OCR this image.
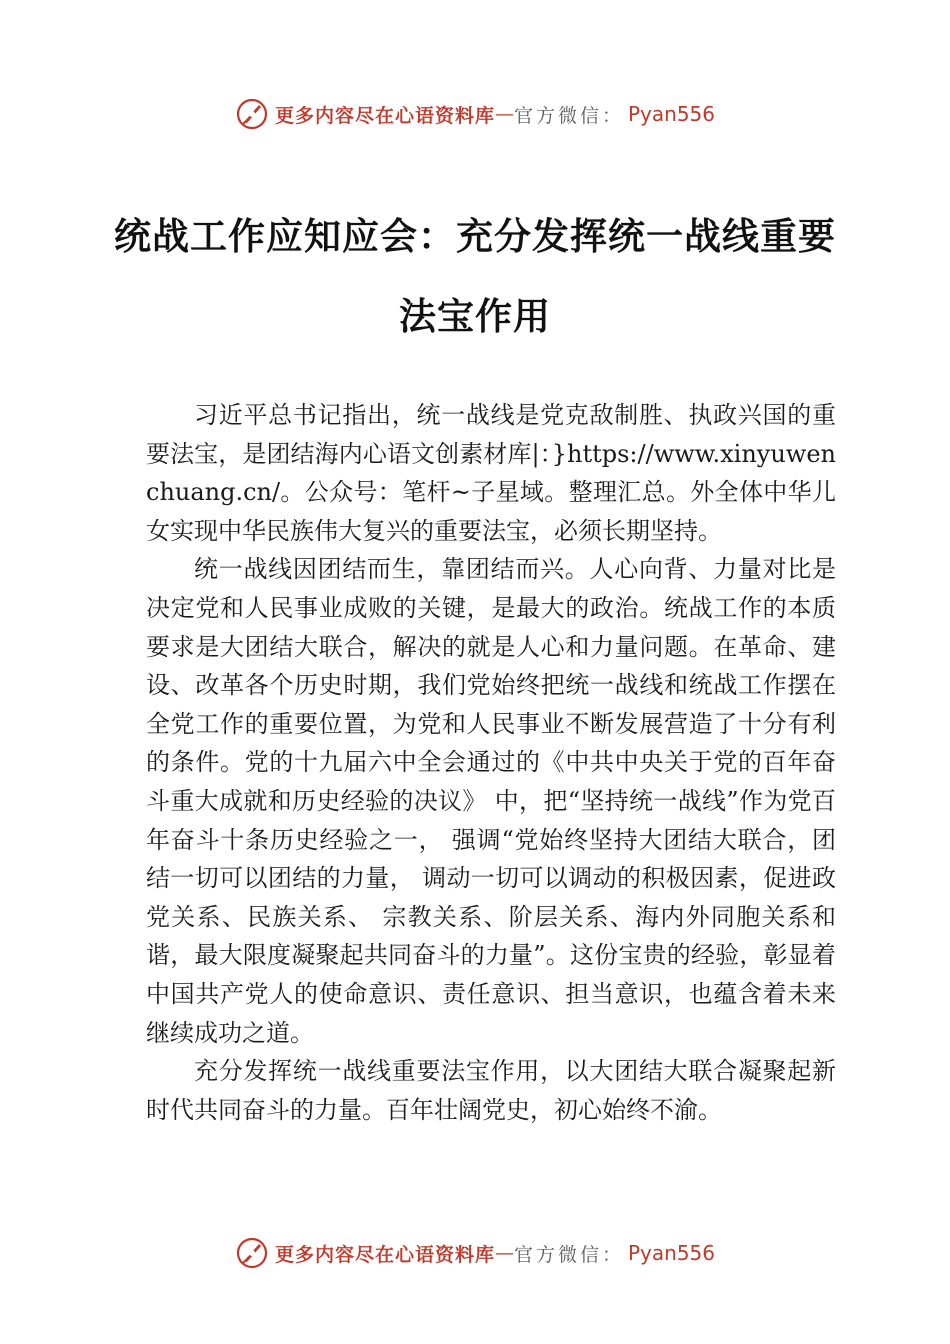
更多内容尽在心语资料库 — 官方微信： Pyan556
统战工作应知应会：充分发挥统一战线重要法宝作用

习近平总书记指出，统一战线是党克敌制胜、执政兴国的重要法宝，是团结海内心语文创素材库|：}https://www.xinyuwenchuang.cn/。公众号：笔杆~子星域。整理汇总。外全体中华儿女实现中华民族伟大复兴的重要法宝，必须长期坚持。

统一战线因团结而生，靠团结而兴。人心向背、力量对比是决定党和人民事业成败的关键，是最大的政治。统战工作的本质要求是大团结大联合，解决的就是人心和力量问题。在革命、建设、改革各个历史时期，我们党始终把统一战线和统战工作摆在全党工作的重要位置，为党和人民事业不断发展营造了十分有利的条件。党的十九届六中全会通过的《中共中央关于党的百年奋斗重大成就和历史经验的决议》 中，把“坚持统一战线”作为党百年奋斗十条历史经验之一， 强调“党始终坚持大团结大联合，团结一切可以团结的力量， 调动一切可以调动的积极因素，促进政党关系、民族关系、 宗教关系、阶层关系、海内外同胞关系和谐，最大限度凝聚起共同奋斗的力量”。这份宝贵的经验，彰显着中国共产党人的使命意识、责任意识、担当意识，也蕴含着未来继续成功之道。

充分发挥统一战线重要法宝作用，以大团结大联合凝聚起新时代共同奋斗的力量。百年壮阔党史，初心始终不渝。

更多内容尽在心语资料库 — 官方微信： Pyan556
